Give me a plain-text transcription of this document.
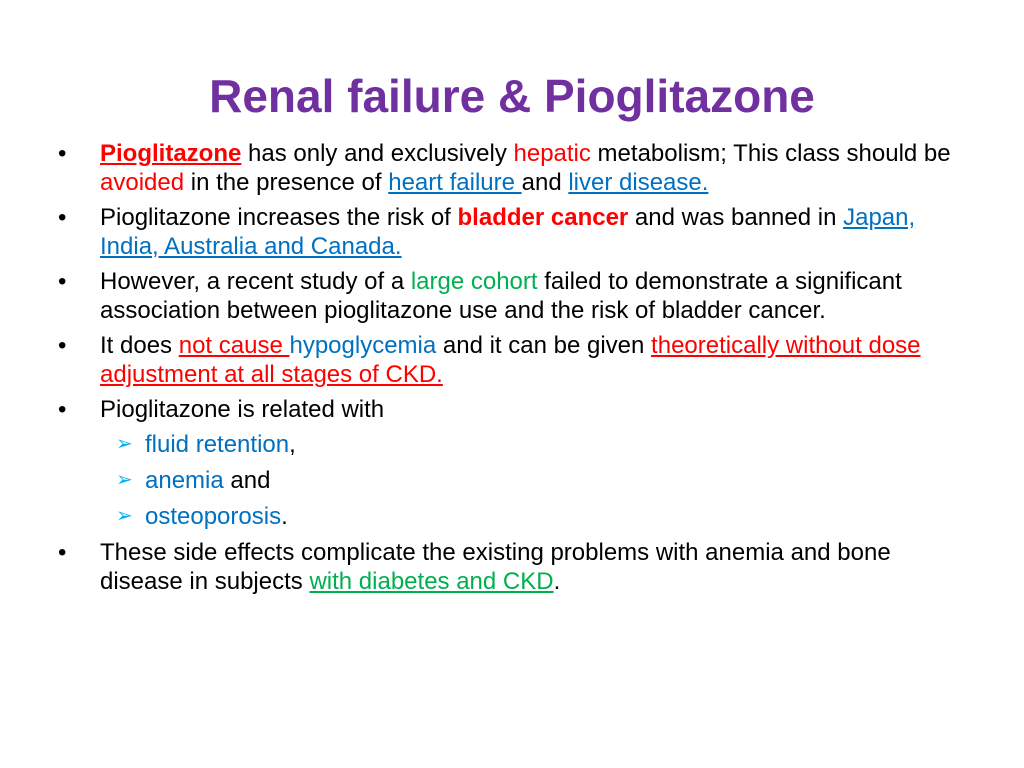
Renal failure & Pioglitazone
•	Pioglitazone has only and exclusively hepatic metabolism; This class should be avoided in the presence of heart failure and liver disease.
•	Pioglitazone increases the risk of bladder cancer and was banned in Japan, India, Australia and Canada.
•	However, a recent study of a large cohort failed to demonstrate a significant association between pioglitazone use and the risk of bladder cancer.
•	It does not cause hypoglycemia and it can be given theoretically without dose adjustment at all stages of CKD.
•	Pioglitazone is related with
➢ fluid retention,
➢ anemia and
➢ osteoporosis.
•	These side effects complicate the existing problems with anemia and bone disease in subjects with diabetes and CKD.
